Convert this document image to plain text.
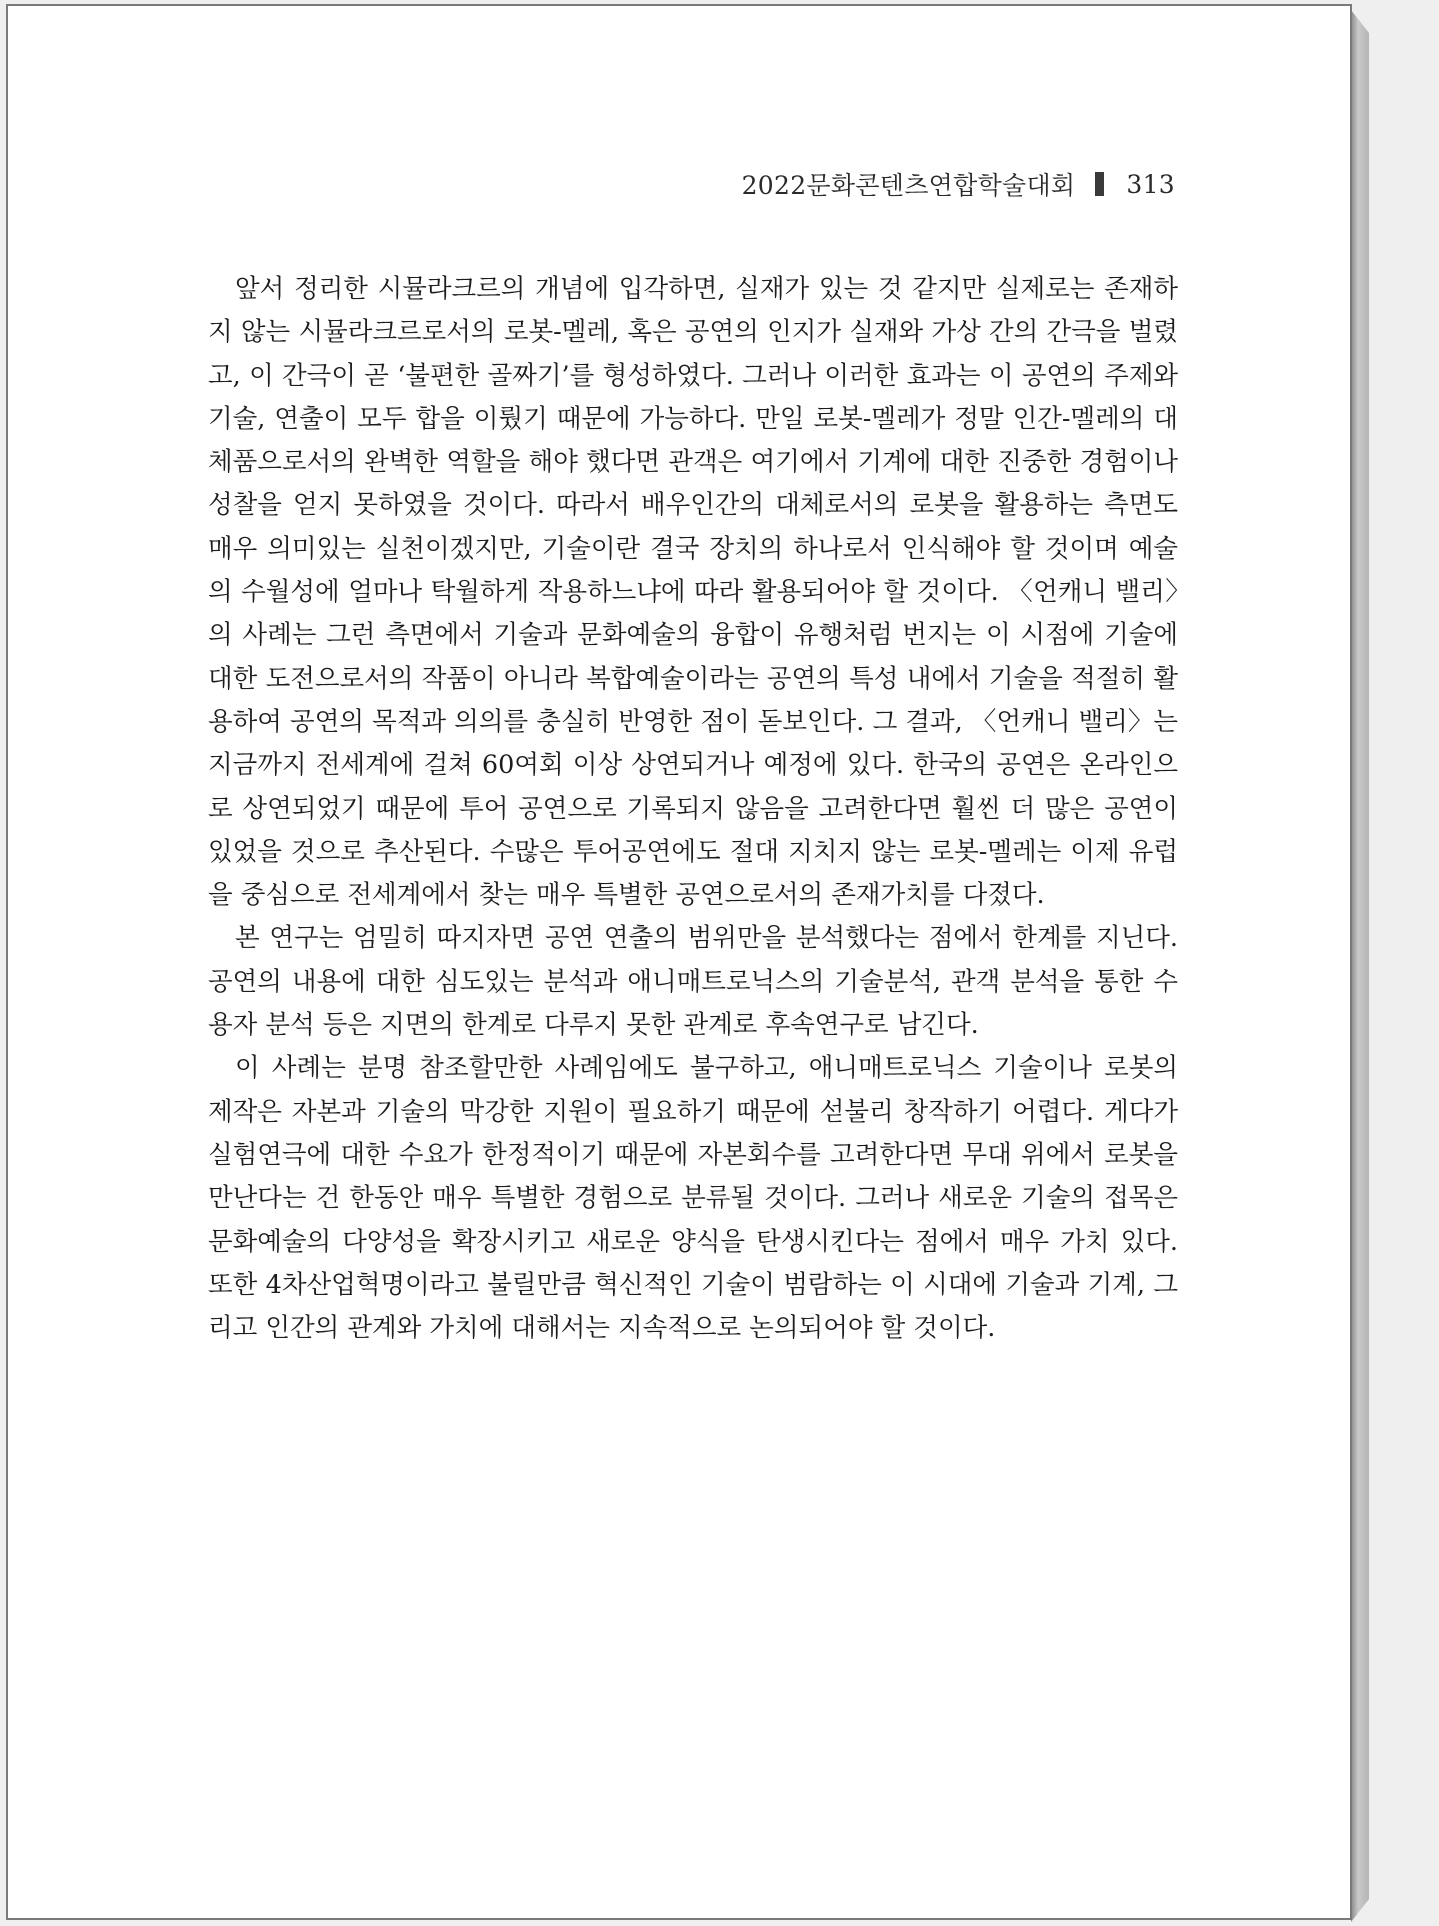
2022문화콘텐츠연합학술대회 313

앞서 정리한 시뮬라크르의 개념에 입각하면, 실재가 있는 것 같지만 실제로는 존재하지 않는 시뮬라크르로서의 로봇-멜레, 혹은 공연의 인지가 실재와 가상 간의 간극을 벌렸고, 이 간극이 곧 ‘불편한 골짜기’를 형성하였다. 그러나 이러한 효과는 이 공연의 주제와 기술, 연출이 모두 합을 이뤘기 때문에 가능하다. 만일 로봇-멜레가 정말 인간-멜레의 대체품으로서의 완벽한 역할을 해야 했다면 관객은 여기에서 기계에 대한 진중한 경험이나 성찰을 얻지 못하였을 것이다. 따라서 배우인간의 대체로서의 로봇을 활용하는 측면도 매우 의미있는 실천이겠지만, 기술이란 결국 장치의 하나로서 인식해야 할 것이며 예술의 수월성에 얼마나 탁월하게 작용하느냐에 따라 활용되어야 할 것이다. 〈언캐니 밸리〉의 사례는 그런 측면에서 기술과 문화예술의 융합이 유행처럼 번지는 이 시점에 기술에 대한 도전으로서의 작품이 아니라 복합예술이라는 공연의 특성 내에서 기술을 적절히 활용하여 공연의 목적과 의의를 충실히 반영한 점이 돋보인다. 그 결과, 〈언캐니 밸리〉는 지금까지 전세계에 걸쳐 60여회 이상 상연되거나 예정에 있다. 한국의 공연은 온라인으로 상연되었기 때문에 투어 공연으로 기록되지 않음을 고려한다면 훨씬 더 많은 공연이 있었을 것으로 추산된다. 수많은 투어공연에도 절대 지치지 않는 로봇-멜레는 이제 유럽을 중심으로 전세계에서 찾는 매우 특별한 공연으로서의 존재가치를 다졌다.

본 연구는 엄밀히 따지자면 공연 연출의 범위만을 분석했다는 점에서 한계를 지닌다. 공연의 내용에 대한 심도있는 분석과 애니매트로닉스의 기술분석, 관객 분석을 통한 수용자 분석 등은 지면의 한계로 다루지 못한 관계로 후속연구로 남긴다.

이 사례는 분명 참조할만한 사례임에도 불구하고, 애니매트로닉스 기술이나 로봇의 제작은 자본과 기술의 막강한 지원이 필요하기 때문에 섣불리 창작하기 어렵다. 게다가 실험연극에 대한 수요가 한정적이기 때문에 자본회수를 고려한다면 무대 위에서 로봇을 만난다는 건 한동안 매우 특별한 경험으로 분류될 것이다. 그러나 새로운 기술의 접목은 문화예술의 다양성을 확장시키고 새로운 양식을 탄생시킨다는 점에서 매우 가치 있다. 또한 4차산업혁명이라고 불릴만큼 혁신적인 기술이 범람하는 이 시대에 기술과 기계, 그리고 인간의 관계와 가치에 대해서는 지속적으로 논의되어야 할 것이다.
